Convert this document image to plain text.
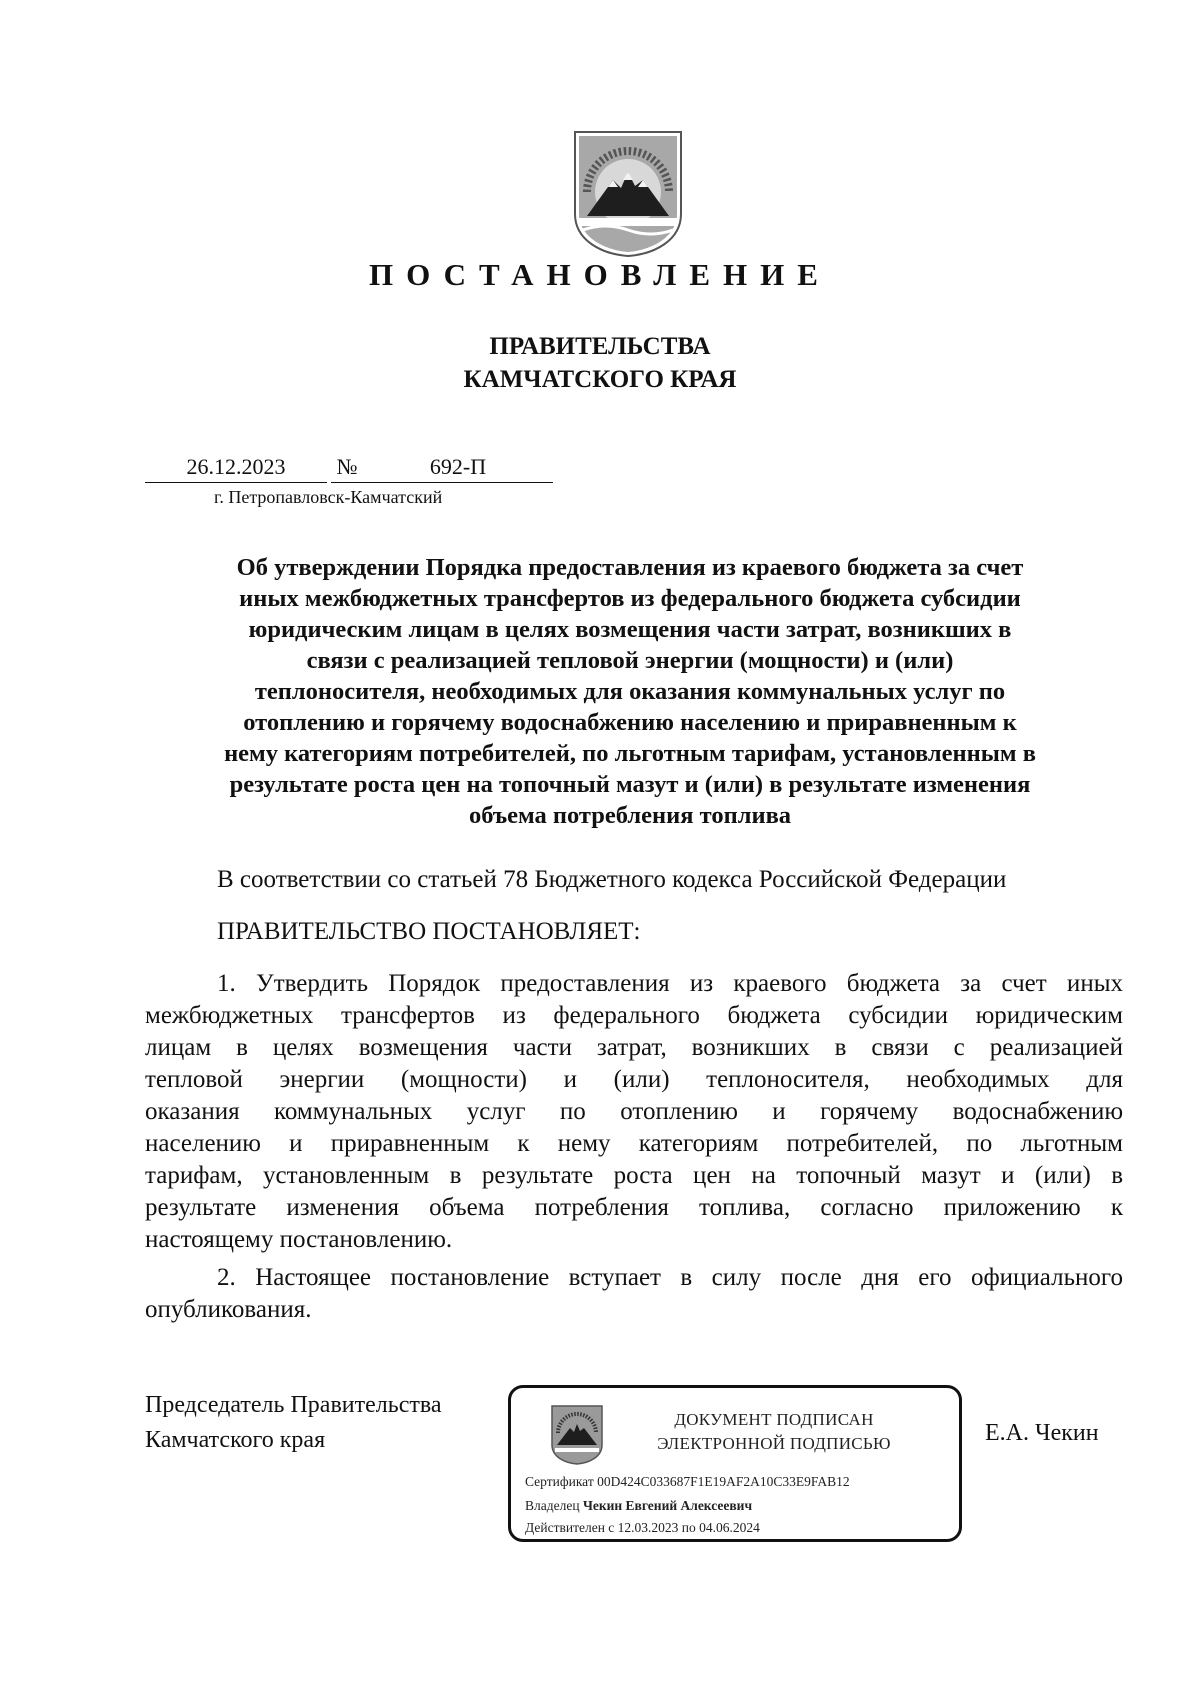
ПОСТАНОВЛЕНИЕ
ПРАВИТЕЛЬСТВА
КАМЧАТСКОГО КРАЯ
26.12.2023	№	692-П
г. Петропавловск-Камчатский
Об утверждении Порядка предоставления из краевого бюджета за счет
иных межбюджетных трансфертов из федерального бюджета субсидии
юридическим лицам в целях возмещения части затрат, возникших в
связи с реализацией тепловой энергии (мощности) и (или)
теплоносителя, необходимых для оказания коммунальных услуг по
отоплению и горячему водоснабжению населению и приравненным к
нему категориям потребителей, по льготным тарифам, установленным в
результате роста цен на топочный мазут и (или) в результате изменения
объема потребления топлива
В соответствии со статьей 78 Бюджетного кодекса Российской Федерации
ПРАВИТЕЛЬСТВО ПОСТАНОВЛЯЕТ:
1. Утвердить Порядок предоставления из краевого бюджета за счет иных
межбюджетных трансфертов из федерального бюджета субсидии юридическим
лицам в целях возмещения части затрат, возникших в связи с реализацией
тепловой энергии (мощности) и (или) теплоносителя, необходимых для
оказания коммунальных услуг по отоплению и горячему водоснабжению
населению и приравненным к нему категориям потребителей, по льготным
тарифам, установленным в результате роста цен на топочный мазут и (или) в
результате изменения объема потребления топлива, согласно приложению к
настоящему постановлению.
2. Настоящее постановление вступает в силу после дня его официального
опубликования.
Председатель Правительства
Камчатского края	Е.А. Чекин
ДОКУМЕНТ ПОДПИСАН
ЭЛЕКТРОННОЙ ПОДПИСЬЮ
Сертификат 00D424C033687F1E19AF2A10C33E9FAB12
Владелец Чекин Евгений Алексеевич
Действителен с 12.03.2023 по 04.06.2024
